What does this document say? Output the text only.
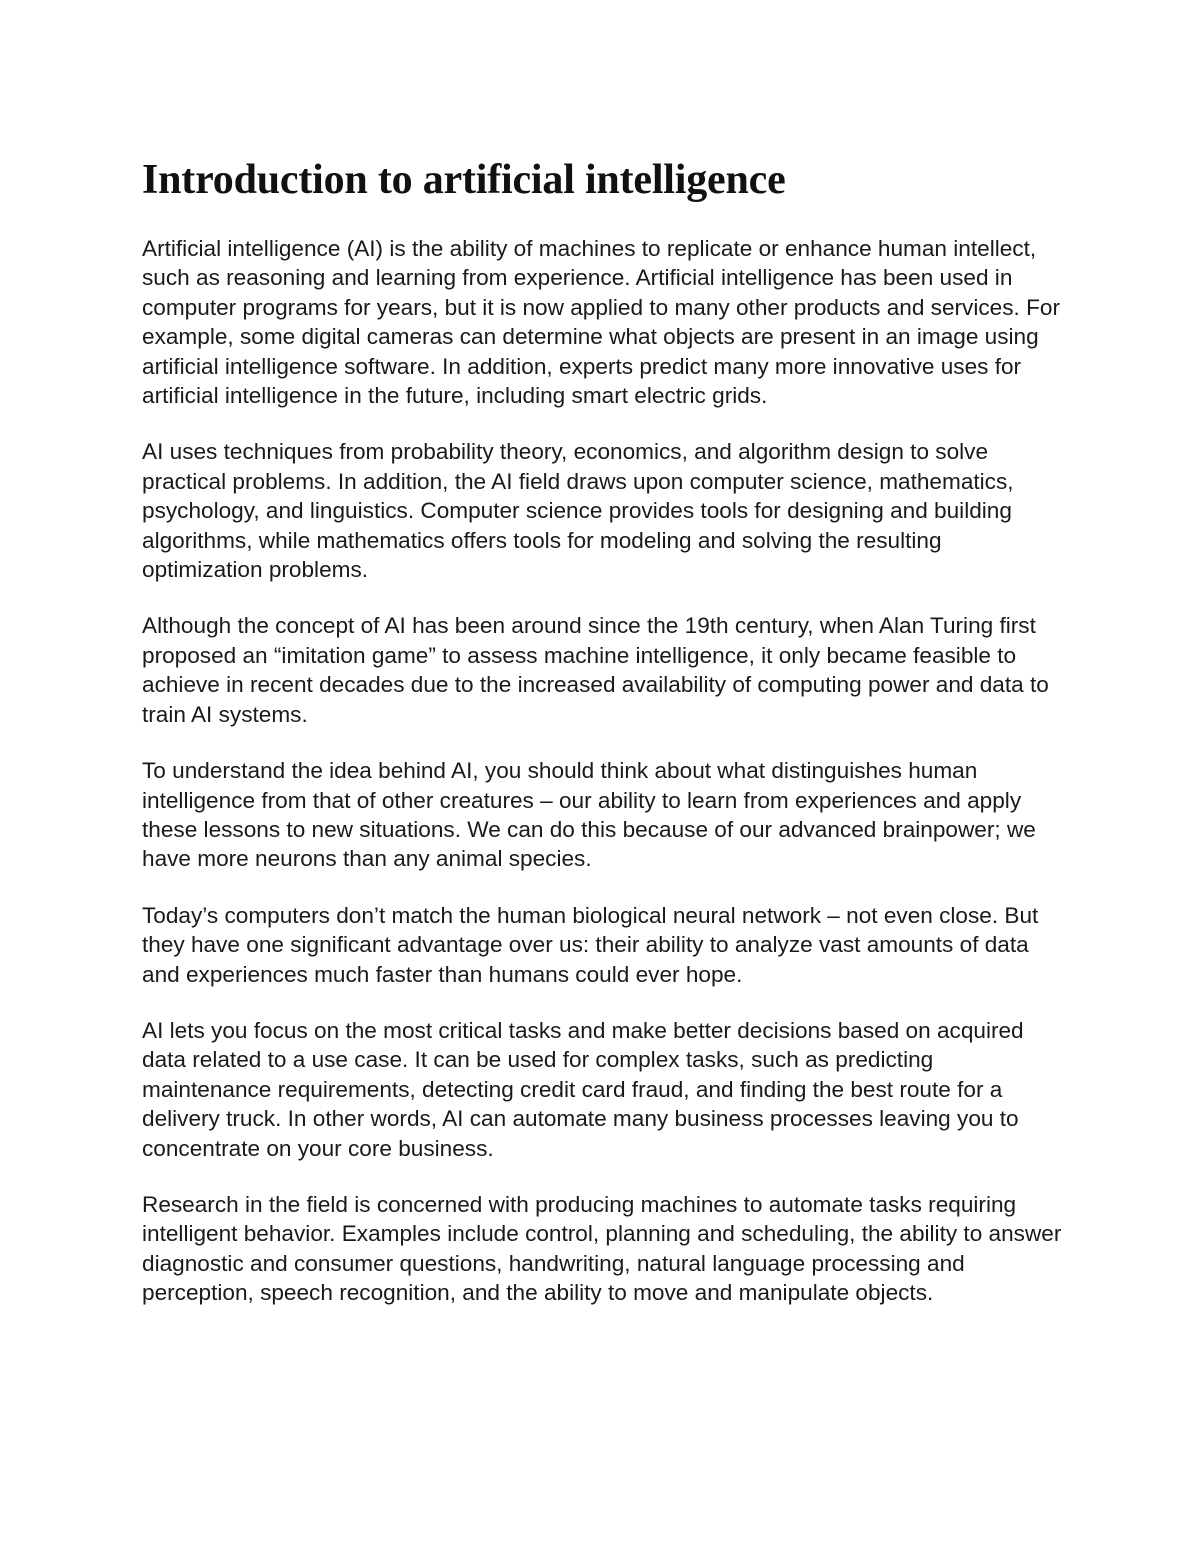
Introduction to artificial intelligence

Artificial intelligence (AI) is the ability of machines to replicate or enhance human intellect, such as reasoning and learning from experience. Artificial intelligence has been used in computer programs for years, but it is now applied to many other products and services. For example, some digital cameras can determine what objects are present in an image using artificial intelligence software. In addition, experts predict many more innovative uses for artificial intelligence in the future, including smart electric grids.

AI uses techniques from probability theory, economics, and algorithm design to solve practical problems. In addition, the AI field draws upon computer science, mathematics, psychology, and linguistics. Computer science provides tools for designing and building algorithms, while mathematics offers tools for modeling and solving the resulting optimization problems.

Although the concept of AI has been around since the 19th century, when Alan Turing first proposed an “imitation game” to assess machine intelligence, it only became feasible to achieve in recent decades due to the increased availability of computing power and data to train AI systems.

To understand the idea behind AI, you should think about what distinguishes human intelligence from that of other creatures – our ability to learn from experiences and apply these lessons to new situations. We can do this because of our advanced brainpower; we have more neurons than any animal species.

Today’s computers don’t match the human biological neural network – not even close. But they have one significant advantage over us: their ability to analyze vast amounts of data and experiences much faster than humans could ever hope.

AI lets you focus on the most critical tasks and make better decisions based on acquired data related to a use case. It can be used for complex tasks, such as predicting maintenance requirements, detecting credit card fraud, and finding the best route for a delivery truck. In other words, AI can automate many business processes leaving you to concentrate on your core business.

Research in the field is concerned with producing machines to automate tasks requiring intelligent behavior. Examples include control, planning and scheduling, the ability to answer diagnostic and consumer questions, handwriting, natural language processing and perception, speech recognition, and the ability to move and manipulate objects.
